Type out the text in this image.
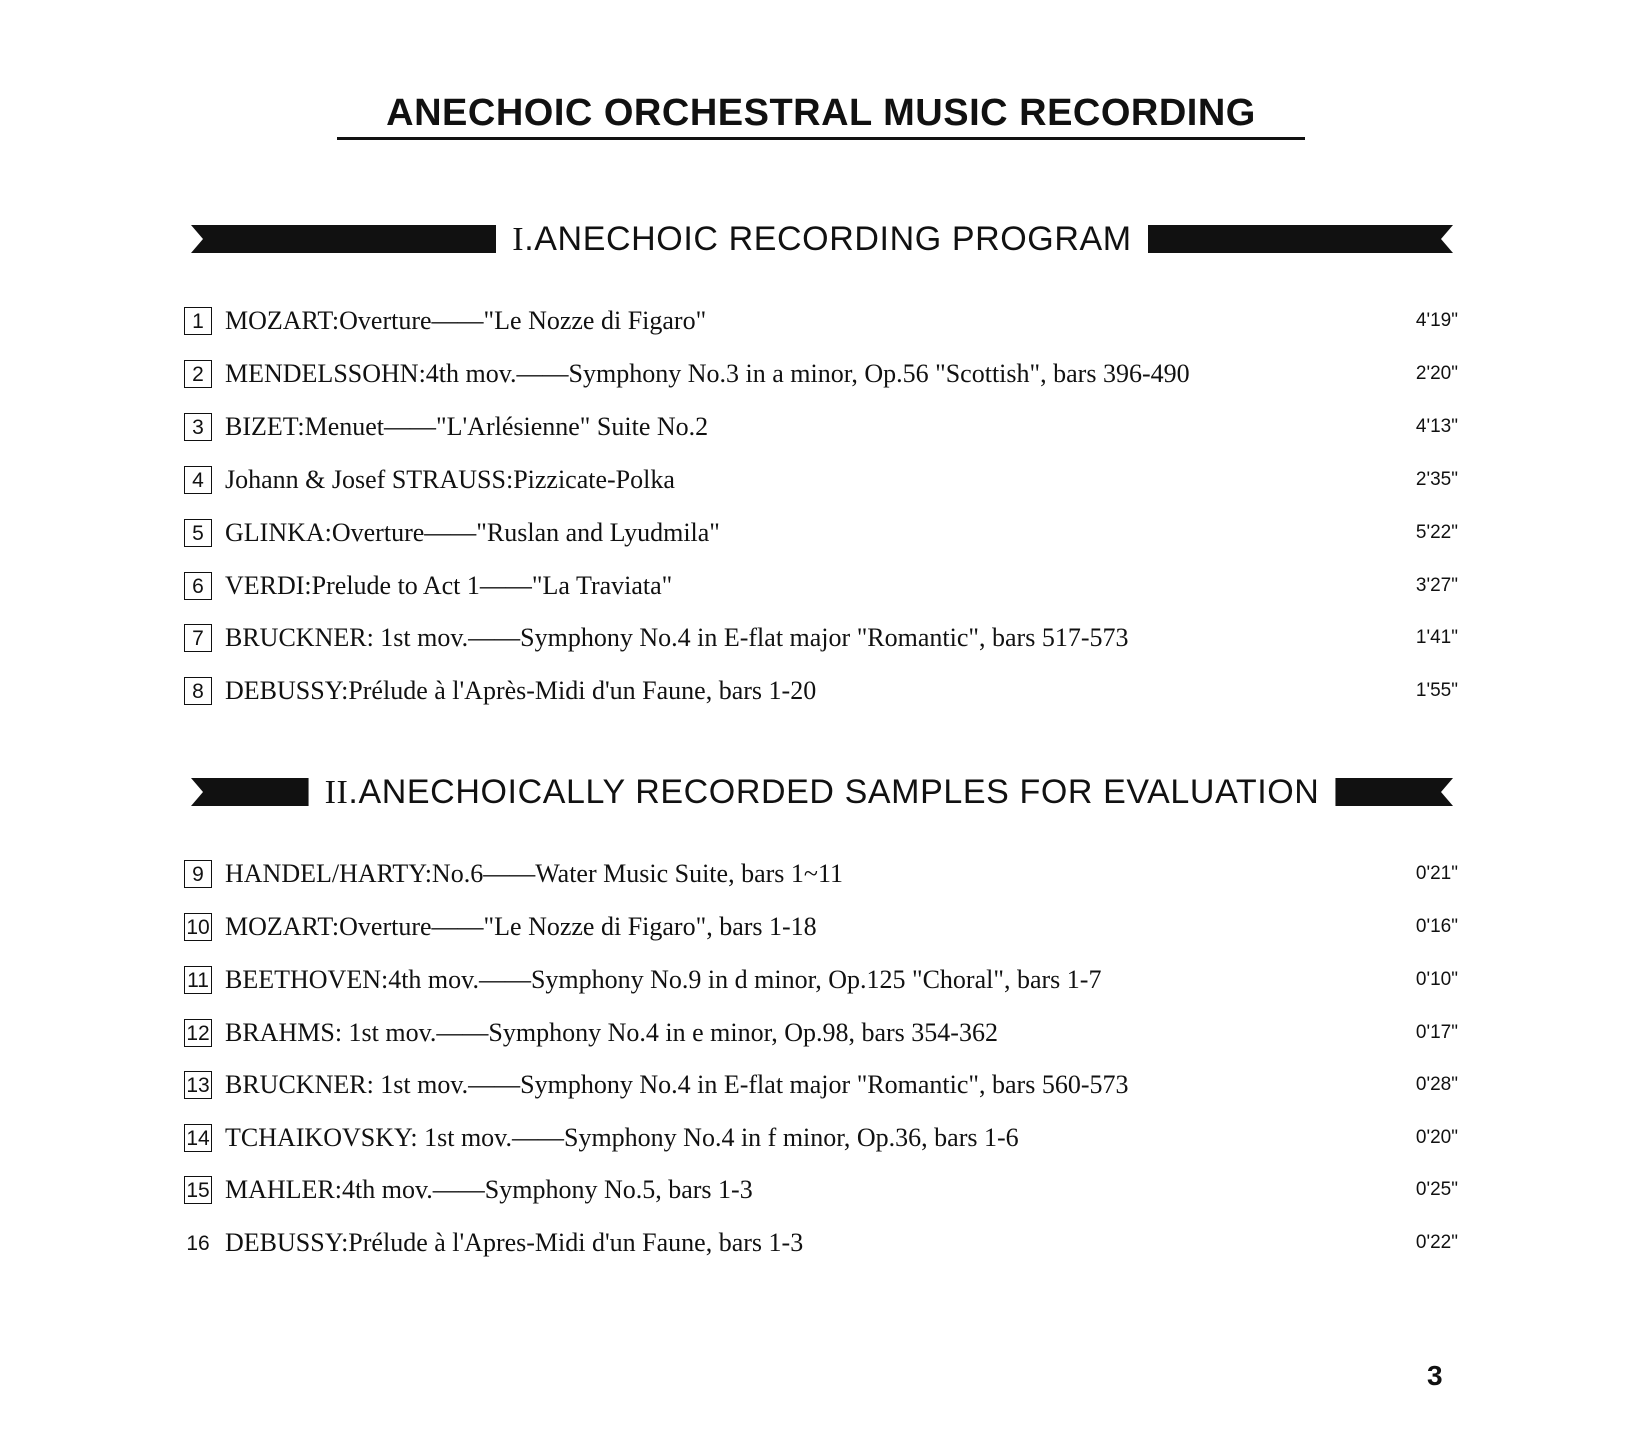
ANECHOIC ORCHESTRAL MUSIC RECORDING
I.ANECHOIC RECORDING PROGRAM
1 MOZART:Overture——"Le Nozze di Figaro"	4'19"
2 MENDELSSOHN:4th mov.——Symphony No.3 in a minor, Op.56 "Scottish", bars 396-490	2'20"
3 BIZET:Menuet——"L'Arlésienne" Suite No.2	4'13"
4 Johann & Josef STRAUSS:Pizzicate-Polka	2'35"
5 GLINKA:Overture——"Ruslan and Lyudmila"	5'22"
6 VERDI:Prelude to Act 1——"La Traviata"	3'27"
7 BRUCKNER: 1st mov.——Symphony No.4 in E-flat major "Romantic", bars 517-573	1'41"
8 DEBUSSY:Prélude à l'Après-Midi d'un Faune, bars 1-20	1'55"
II.ANECHOICALLY RECORDED SAMPLES FOR EVALUATION
9 HANDEL/HARTY:No.6——Water Music Suite, bars 1~11	0'21"
10 MOZART:Overture——"Le Nozze di Figaro", bars 1-18	0'16"
11 BEETHOVEN:4th mov.——Symphony No.9 in d minor, Op.125 "Choral", bars 1-7	0'10"
12 BRAHMS: 1st mov.——Symphony No.4 in e minor, Op.98, bars 354-362	0'17"
13 BRUCKNER: 1st mov.——Symphony No.4 in E-flat major "Romantic", bars 560-573	0'28"
14 TCHAIKOVSKY: 1st mov.——Symphony No.4 in f minor, Op.36, bars 1-6	0'20"
15 MAHLER:4th mov.——Symphony No.5, bars 1-3	0'25"
16 DEBUSSY:Prélude à l'Apres-Midi d'un Faune, bars 1-3	0'22"
3
